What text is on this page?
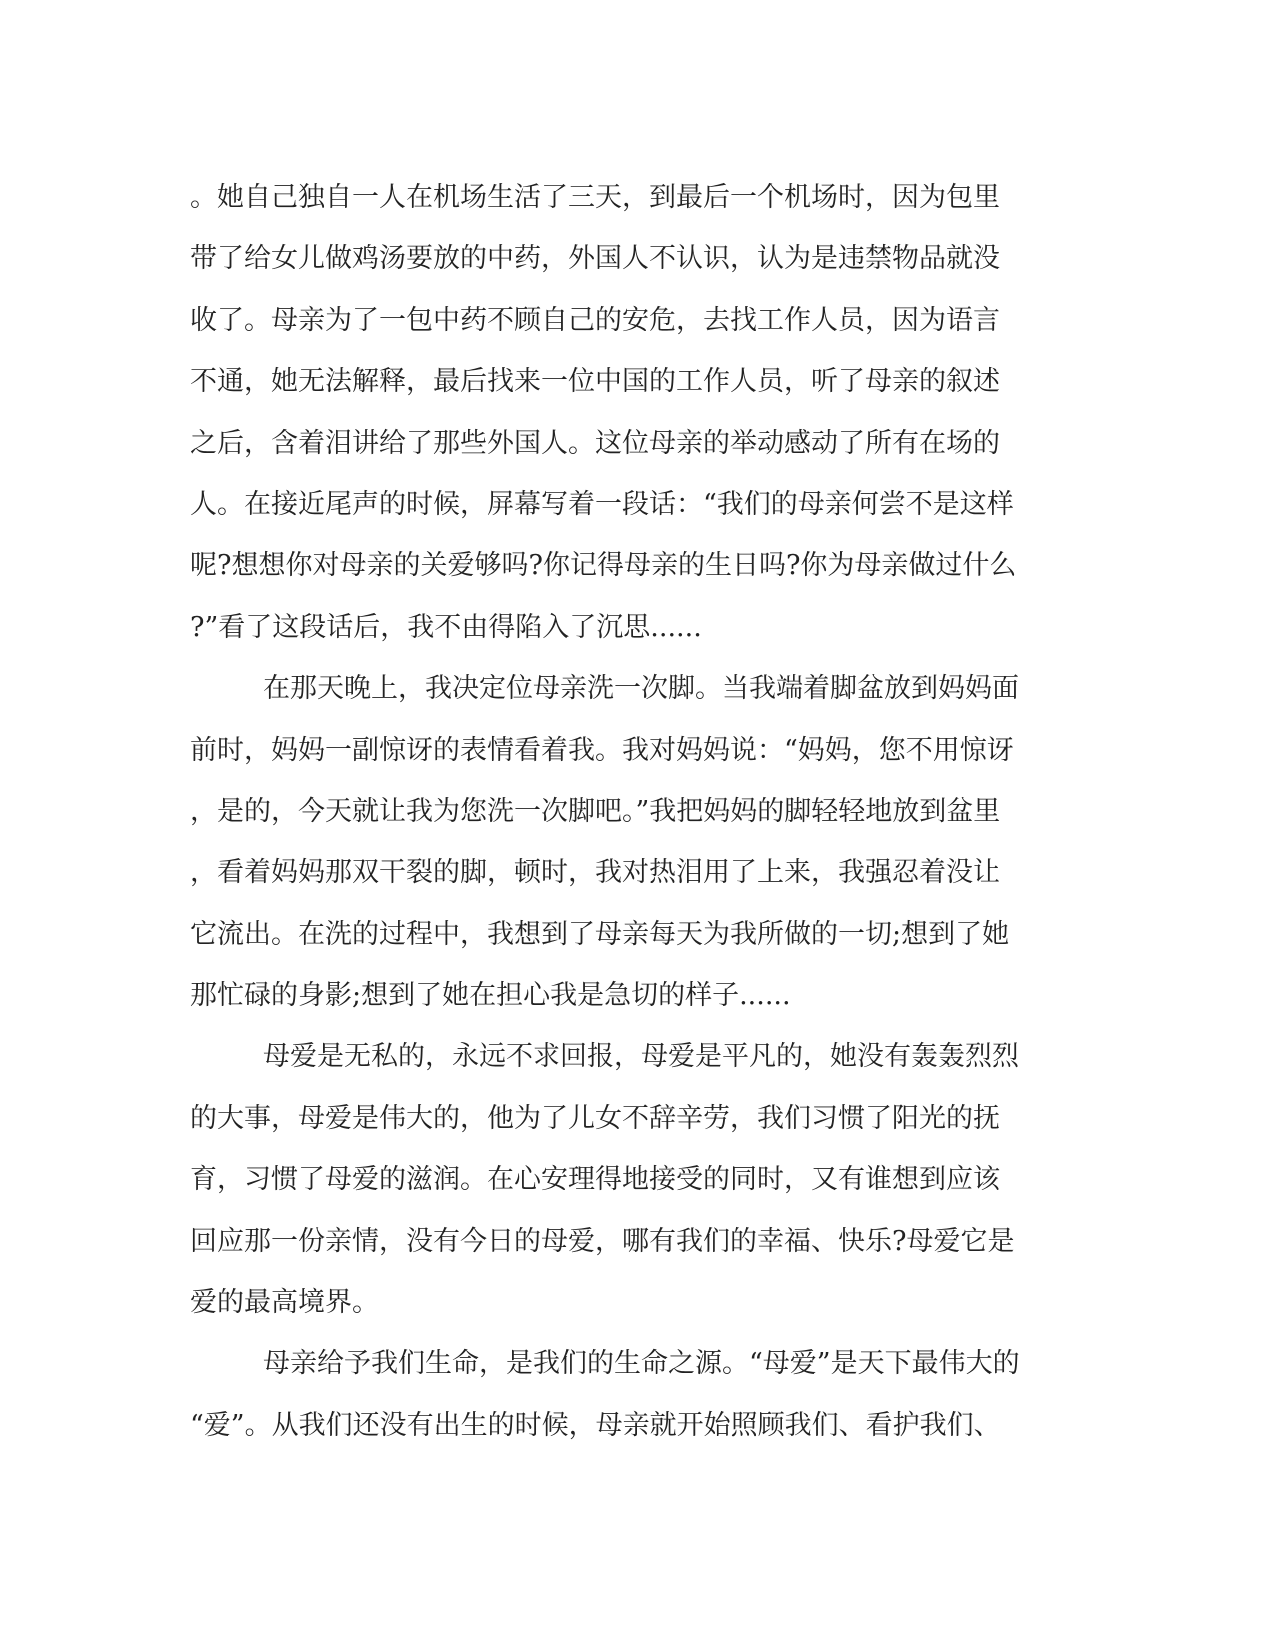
。她自己独自一人在机场生活了三天，到最后一个机场时，因为包里
带了给女儿做鸡汤要放的中药，外国人不认识，认为是违禁物品就没
收了。母亲为了一包中药不顾自己的安危，去找工作人员，因为语言
不通，她无法解释，最后找来一位中国的工作人员，听了母亲的叙述
之后，含着泪讲给了那些外国人。这位母亲的举动感动了所有在场的
人。在接近尾声的时候，屏幕写着一段话：“我们的母亲何尝不是这样
呢?想想你对母亲的关爱够吗?你记得母亲的生日吗?你为母亲做过什么
?”看了这段话后，我不由得陷入了沉思......
在那天晚上，我决定位母亲洗一次脚。当我端着脚盆放到妈妈面
前时，妈妈一副惊讶的表情看着我。我对妈妈说：“妈妈，您不用惊讶
，是的，今天就让我为您洗一次脚吧。”我把妈妈的脚轻轻地放到盆里
，看着妈妈那双干裂的脚，顿时，我对热泪用了上来，我强忍着没让
它流出。在洗的过程中，我想到了母亲每天为我所做的一切;想到了她
那忙碌的身影;想到了她在担心我是急切的样子......
母爱是无私的，永远不求回报，母爱是平凡的，她没有轰轰烈烈
的大事，母爱是伟大的，他为了儿女不辞辛劳，我们习惯了阳光的抚
育，习惯了母爱的滋润。在心安理得地接受的同时，又有谁想到应该
回应那一份亲情，没有今日的母爱，哪有我们的幸福、快乐?母爱它是
爱的最高境界。
母亲给予我们生命，是我们的生命之源。“母爱”是天下最伟大的
“爱”。从我们还没有出生的时候，母亲就开始照顾我们、看护我们、
